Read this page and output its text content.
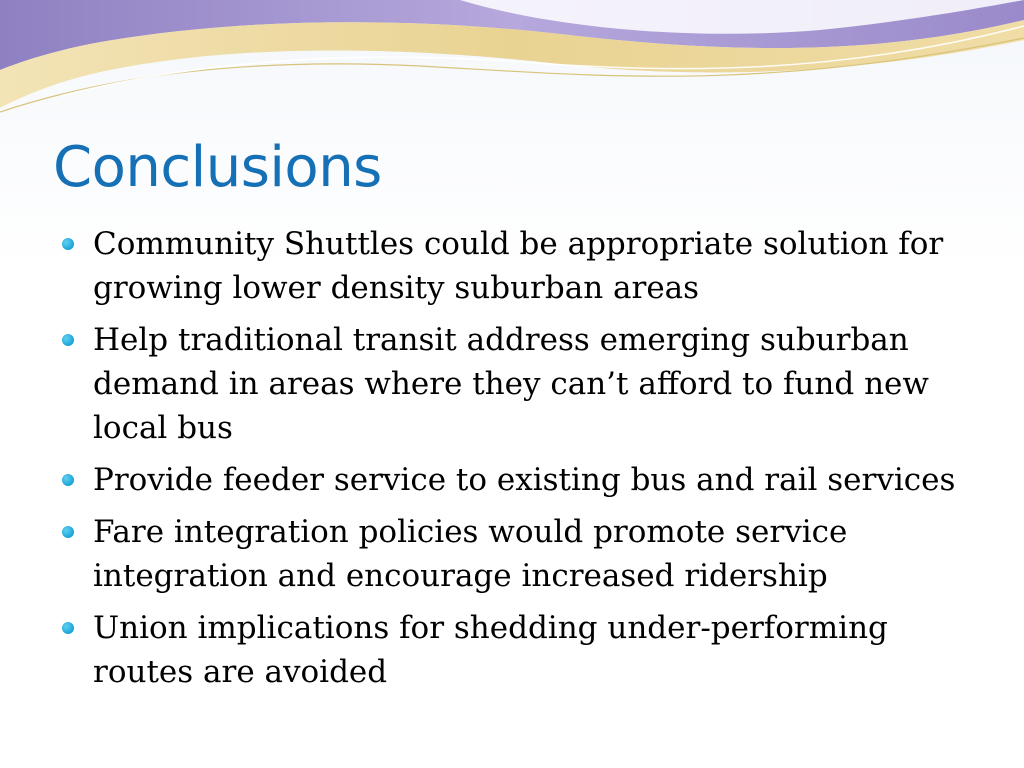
Conclusions
Community Shuttles could be appropriate solution for growing lower density suburban areas
Help traditional transit address emerging suburban demand in areas where they can’t afford to fund new local bus
Provide feeder service to existing bus and rail services
Fare integration policies would promote service integration and encourage increased ridership
Union implications for shedding under-performing routes are avoided
